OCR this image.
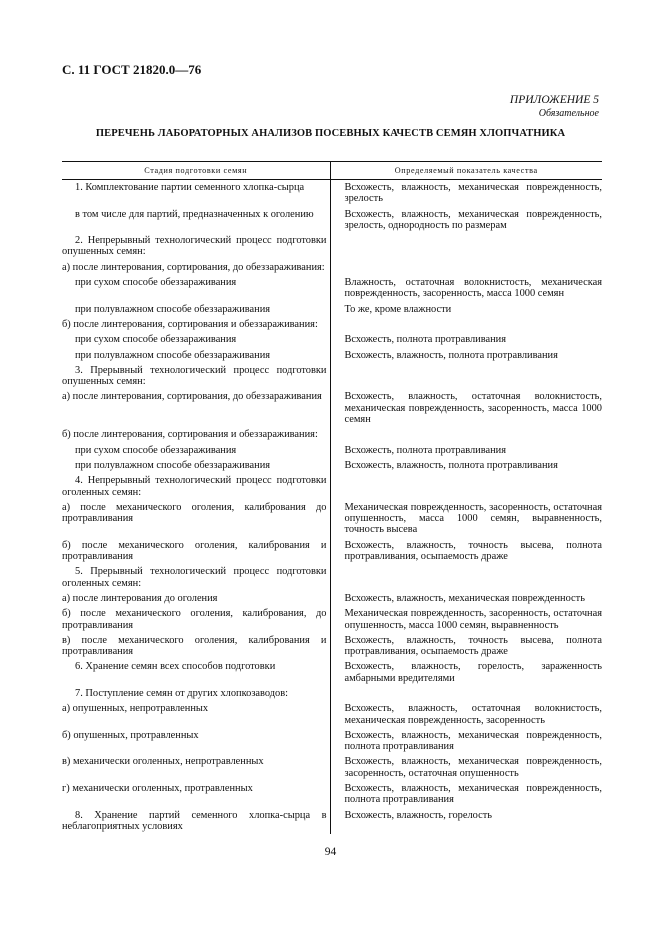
С. 11 ГОСТ 21820.0—76
ПРИЛОЖЕНИЕ 5
Обязательное
ПЕРЕЧЕНЬ ЛАБОРАТОРНЫХ АНАЛИЗОВ ПОСЕВНЫХ КАЧЕСТВ СЕМЯН ХЛОПЧАТНИКА
Стадия подготовки семян	Определяемый показатель качества
1. Комплектование партии семенного хлопка-сырца	Всхожесть, влажность, механическая поврежденность, зрелость
в том числе для партий, предназначенных к оголению	Всхожесть, влажность, механическая поврежденность, зрелость, однородность по размерам
2. Непрерывный технологический процесс подготовки опушенных семян:	
а) после линтерования, сортирования, до обеззараживания:	
при сухом способе обеззараживания	Влажность, остаточная волокнистость, механическая поврежденность, засоренность, масса 1000 семян
при полувлажном способе обеззараживания	То же, кроме влажности
б) после линтерования, сортирования и обеззараживания:	
при сухом способе обеззараживания	Всхожесть, полнота протравливания
при полувлажном способе обеззараживания	Всхожесть, влажность, полнота протравливания
3. Прерывный технологический процесс подготовки опушенных семян:	
а) после линтерования, сортирования, до обеззараживания	Всхожесть, влажность, остаточная волокнистость, механическая поврежденность, засоренность, масса 1000 семян
б) после линтерования, сортирования и обеззараживания:	
при сухом способе обеззараживания	Всхожесть, полнота протравливания
при полувлажном способе обеззараживания	Всхожесть, влажность, полнота протравливания
4. Непрерывный технологический процесс подготовки оголенных семян:	
а) после механического оголения, калибрования до протравливания	Механическая поврежденность, засоренность, остаточная опушенность, масса 1000 семян, выравненность, точность высева
б) после механического оголения, калибрования и протравливания	Всхожесть, влажность, точность высева, полнота протравливания, осыпаемость драже
5. Прерывный технологический процесс подготовки оголенных семян:	
а) после линтерования до оголения	Всхожесть, влажность, механическая поврежденность
б) после механического оголения, калибрования, до протравливания	Механическая поврежденность, засоренность, остаточная опушенность, масса 1000 семян, выравненность
в) после механического оголения, калибрования и протравливания	Всхожесть, влажность, точность высева, полнота протравливания, осыпаемость драже
6. Хранение семян всех способов подготовки	Всхожесть, влажность, горелость, зараженность амбарными вредителями
7. Поступление семян от других хлопкозаводов:	
а) опушенных, непротравленных	Всхожесть, влажность, остаточная волокнистость, механическая поврежденность, засоренность
б) опушенных, протравленных	Всхожесть, влажность, механическая поврежденность, полнота протравливания
в) механически оголенных, непротравленных	Всхожесть, влажность, механическая поврежденность, засоренность, остаточная опушенность
г) механически оголенных, протравленных	Всхожесть, влажность, механическая поврежденность, полнота протравливания
8. Хранение партий семенного хлопка-сырца в неблагоприятных условиях	Всхожесть, влажность, горелость
94
